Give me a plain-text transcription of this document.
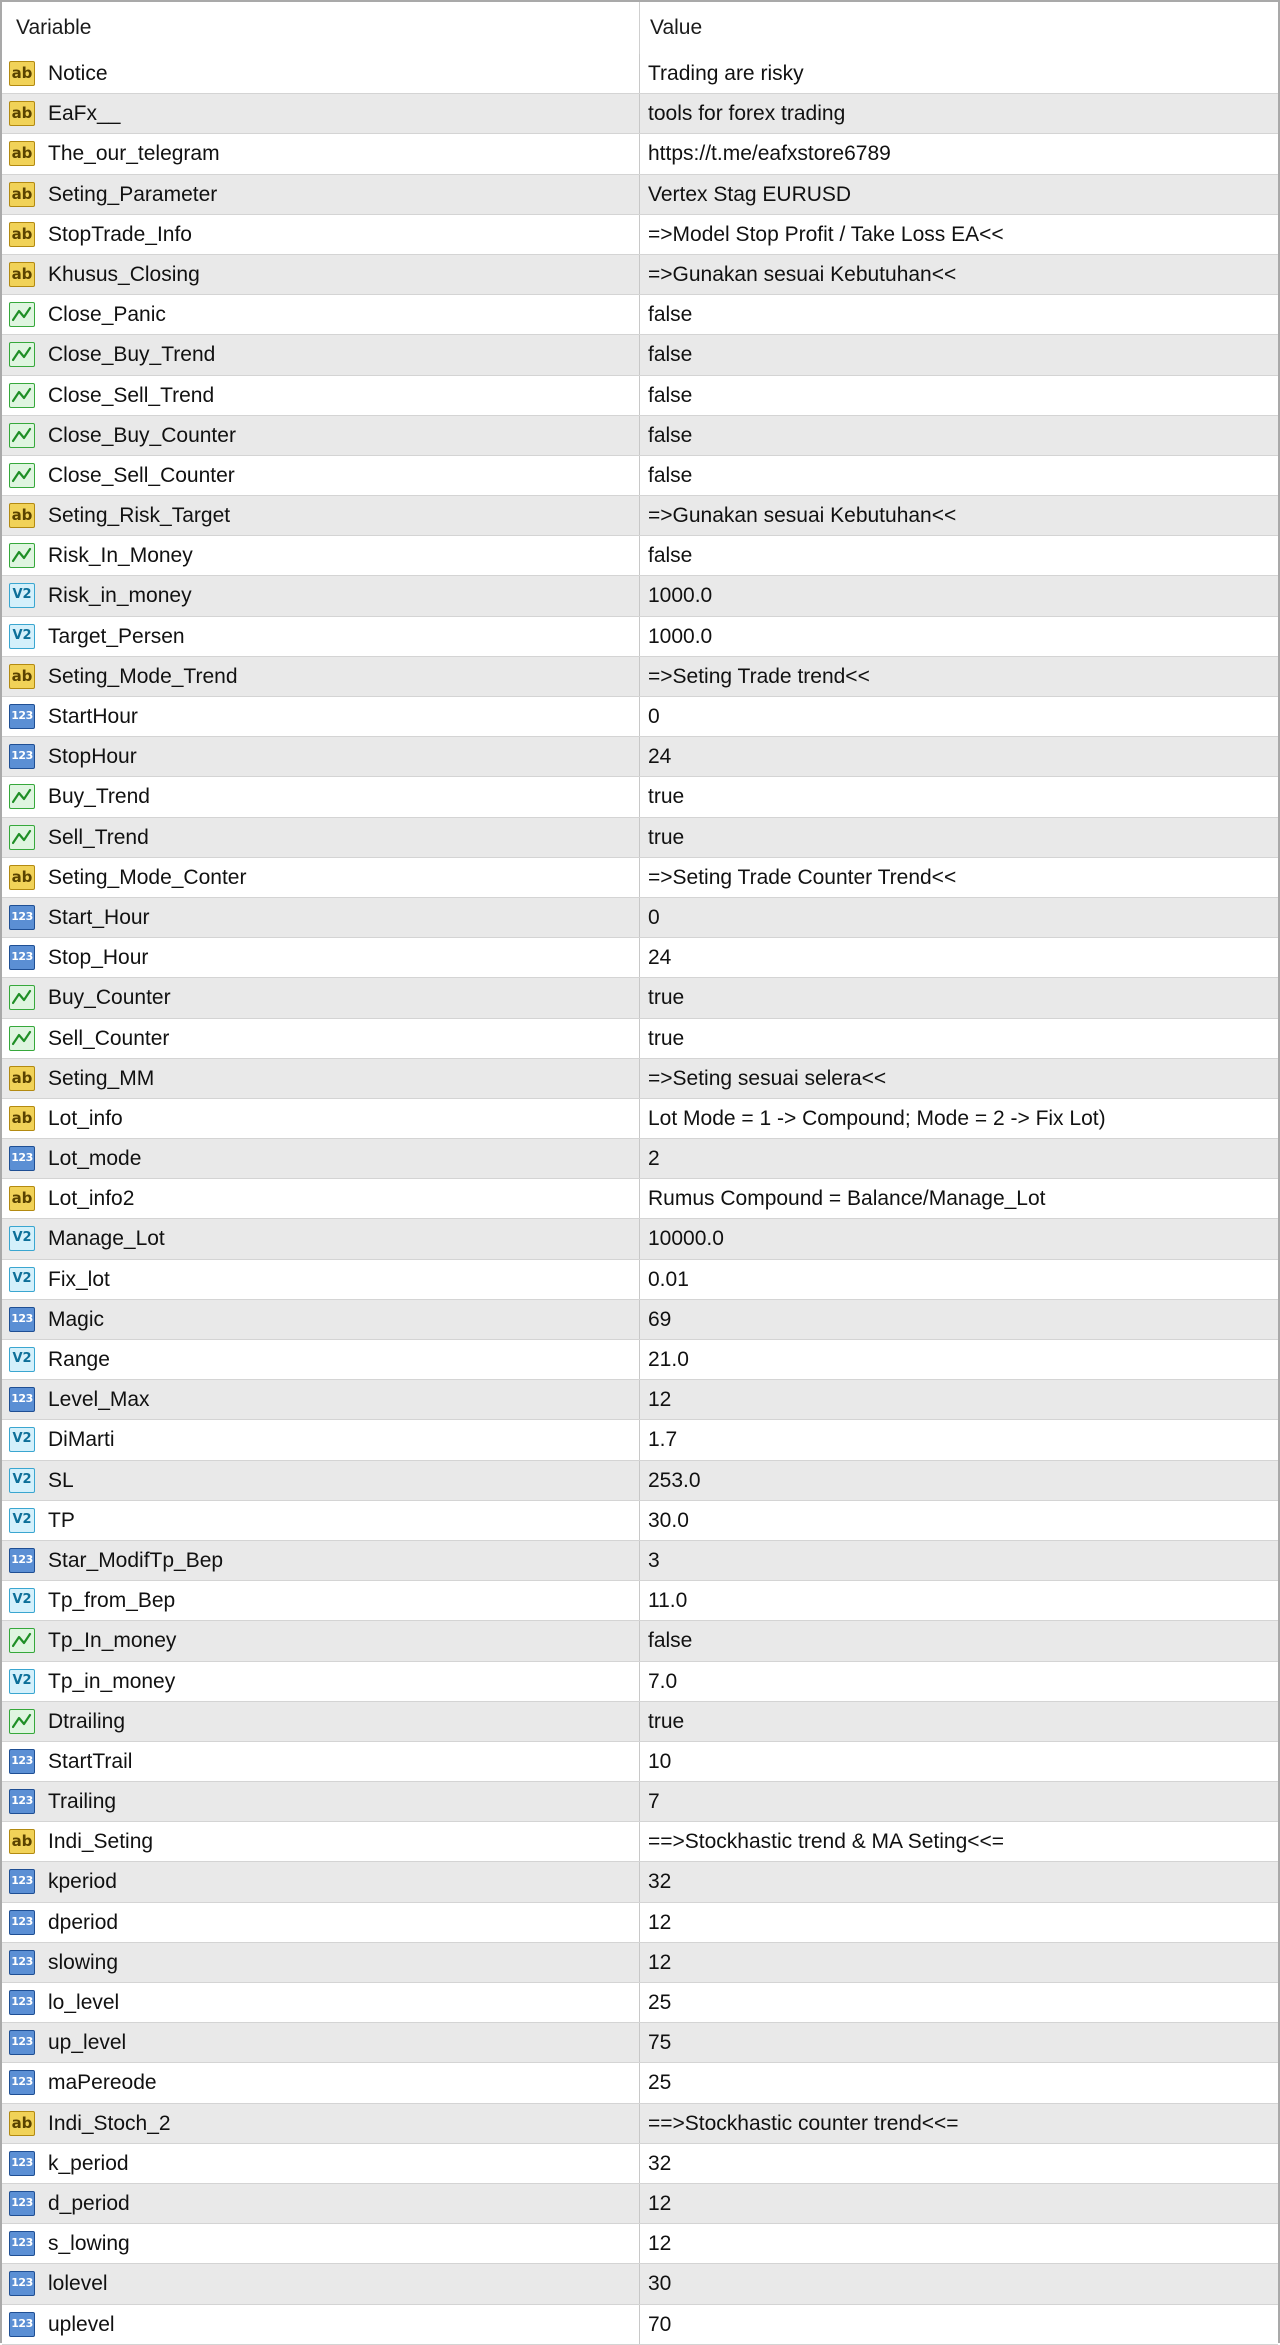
Variable	Value
ab Notice	Trading are risky
ab EaFx__	tools for forex trading
ab The_our_telegram	https://t.me/eafxstore6789
ab Seting_Parameter	Vertex Stag EURUSD
ab StopTrade_Info	=>Model Stop Profit / Take Loss EA<<
ab Khusus_Closing	=>Gunakan sesuai Kebutuhan<<
Close_Panic	false
Close_Buy_Trend	false
Close_Sell_Trend	false
Close_Buy_Counter	false
Close_Sell_Counter	false
ab Seting_Risk_Target	=>Gunakan sesuai Kebutuhan<<
Risk_In_Money	false
V2 Risk_in_money	1000.0
V2 Target_Persen	1000.0
ab Seting_Mode_Trend	=>Seting Trade trend<<
123 StartHour	0
123 StopHour	24
Buy_Trend	true
Sell_Trend	true
ab Seting_Mode_Conter	=>Seting Trade Counter Trend<<
123 Start_Hour	0
123 Stop_Hour	24
Buy_Counter	true
Sell_Counter	true
ab Seting_MM	=>Seting sesuai selera<<
ab Lot_info	Lot Mode = 1 -> Compound; Mode = 2 -> Fix Lot)
123 Lot_mode	2
ab Lot_info2	Rumus Compound = Balance/Manage_Lot
V2 Manage_Lot	10000.0
V2 Fix_lot	0.01
123 Magic	69
V2 Range	21.0
123 Level_Max	12
V2 DiMarti	1.7
V2 SL	253.0
V2 TP	30.0
123 Star_ModifTp_Bep	3
V2 Tp_from_Bep	11.0
Tp_In_money	false
V2 Tp_in_money	7.0
Dtrailing	true
123 StartTrail	10
123 Trailing	7
ab Indi_Seting	==>Stockhastic trend & MA Seting<<=
123 kperiod	32
123 dperiod	12
123 slowing	12
123 lo_level	25
123 up_level	75
123 maPereode	25
ab Indi_Stoch_2	==>Stockhastic counter trend<<=
123 k_period	32
123 d_period	12
123 s_lowing	12
123 lolevel	30
123 uplevel	70
